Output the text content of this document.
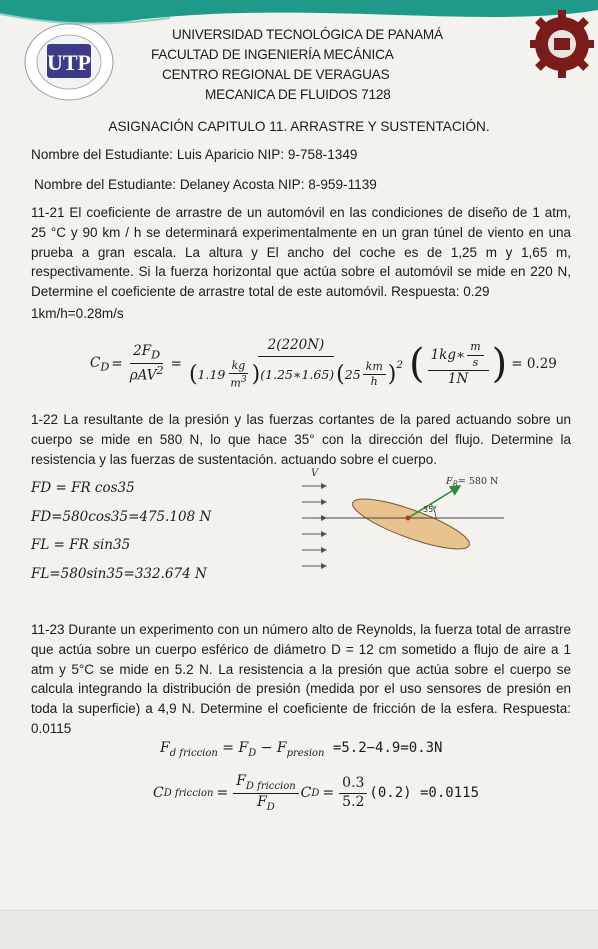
UTP
· · · · · · · ·	UNIVERSIDAD TECNOLÓGICA DE PANAMÁ
FACULTAD DE INGENIERÍA MECÁNICA
CENTRO REGIONAL DE VERAGUAS
MECANICA DE FLUIDOS 7128
ASIGNACIÓN CAPITULO 11. ARRASTRE Y SUSTENTACIÓN.
Nombre del Estudiante: Luis Aparicio NIP: 9-758-1349
Nombre del Estudiante: Delaney Acosta NIP: 8-959-1139
11-21 El coeficiente de arrastre de un automóvil en las condiciones de diseño de 1 atm, 25 °C y 90 km / h se determinará experimentalmente en un gran túnel de viento en una prueba a gran escala. La altura y El ancho del coche es de 1,25 m y 1,65 m, respectivamente. Si la fuerza horizontal que actúa sobre el automóvil se mide en 220 N, Determine el coeficiente de arrastre total de este automóvil. Respuesta: 0.29
1km/h=0.28m/s
$C_D = \frac{2F_D}{\rho AV^2}$ =
2(220N)
( $1.19 \frac{kg}{m^3}$ ) (1.25∗1.65) ( $25 \frac{km}{h} )^2$ ( $\frac{1kg∗ \frac{m}{s}}{1N}$ ) = 0.29
1-22 La resultante de la presión y las fuerzas cortantes de la pared actuando sobre un cuerpo se mide en 580 N, lo que hace 35° con la dirección del flujo. Determine la resistencia y las fuerzas de sustentación. actuando sobre el cuerpo.
FD = FR cos35
FD=580cos35=475.108 N
FL = FR sin35
FL=580sin35=332.674 N
V
35°
$F_R= 580$ N
11-23 Durante un experimento con un número alto de Reynolds, la fuerza total de arrastre que actúa sobre un cuerpo esférico de diámetro D = 12 cm sometido a flujo de aire a 1 atm y 5°C se mide en 5.2 N. La resistencia a la presión que actúa sobre el cuerpo se calcula integrando la distribución de presión (medida por el uso sensores de presión en toda la superficie) a 4,9 N. Determine el coeficiente de fricción de la esfera. Respuesta: 0.0115
$F_{d friccion} = F_D - F_{presion} =5.2-4.9=0.3N$
C D friccion = $\frac{F_{D friccion}}{F_D}$ C $D = \frac{0.3}{5.2} (0.2) =0.0115$
